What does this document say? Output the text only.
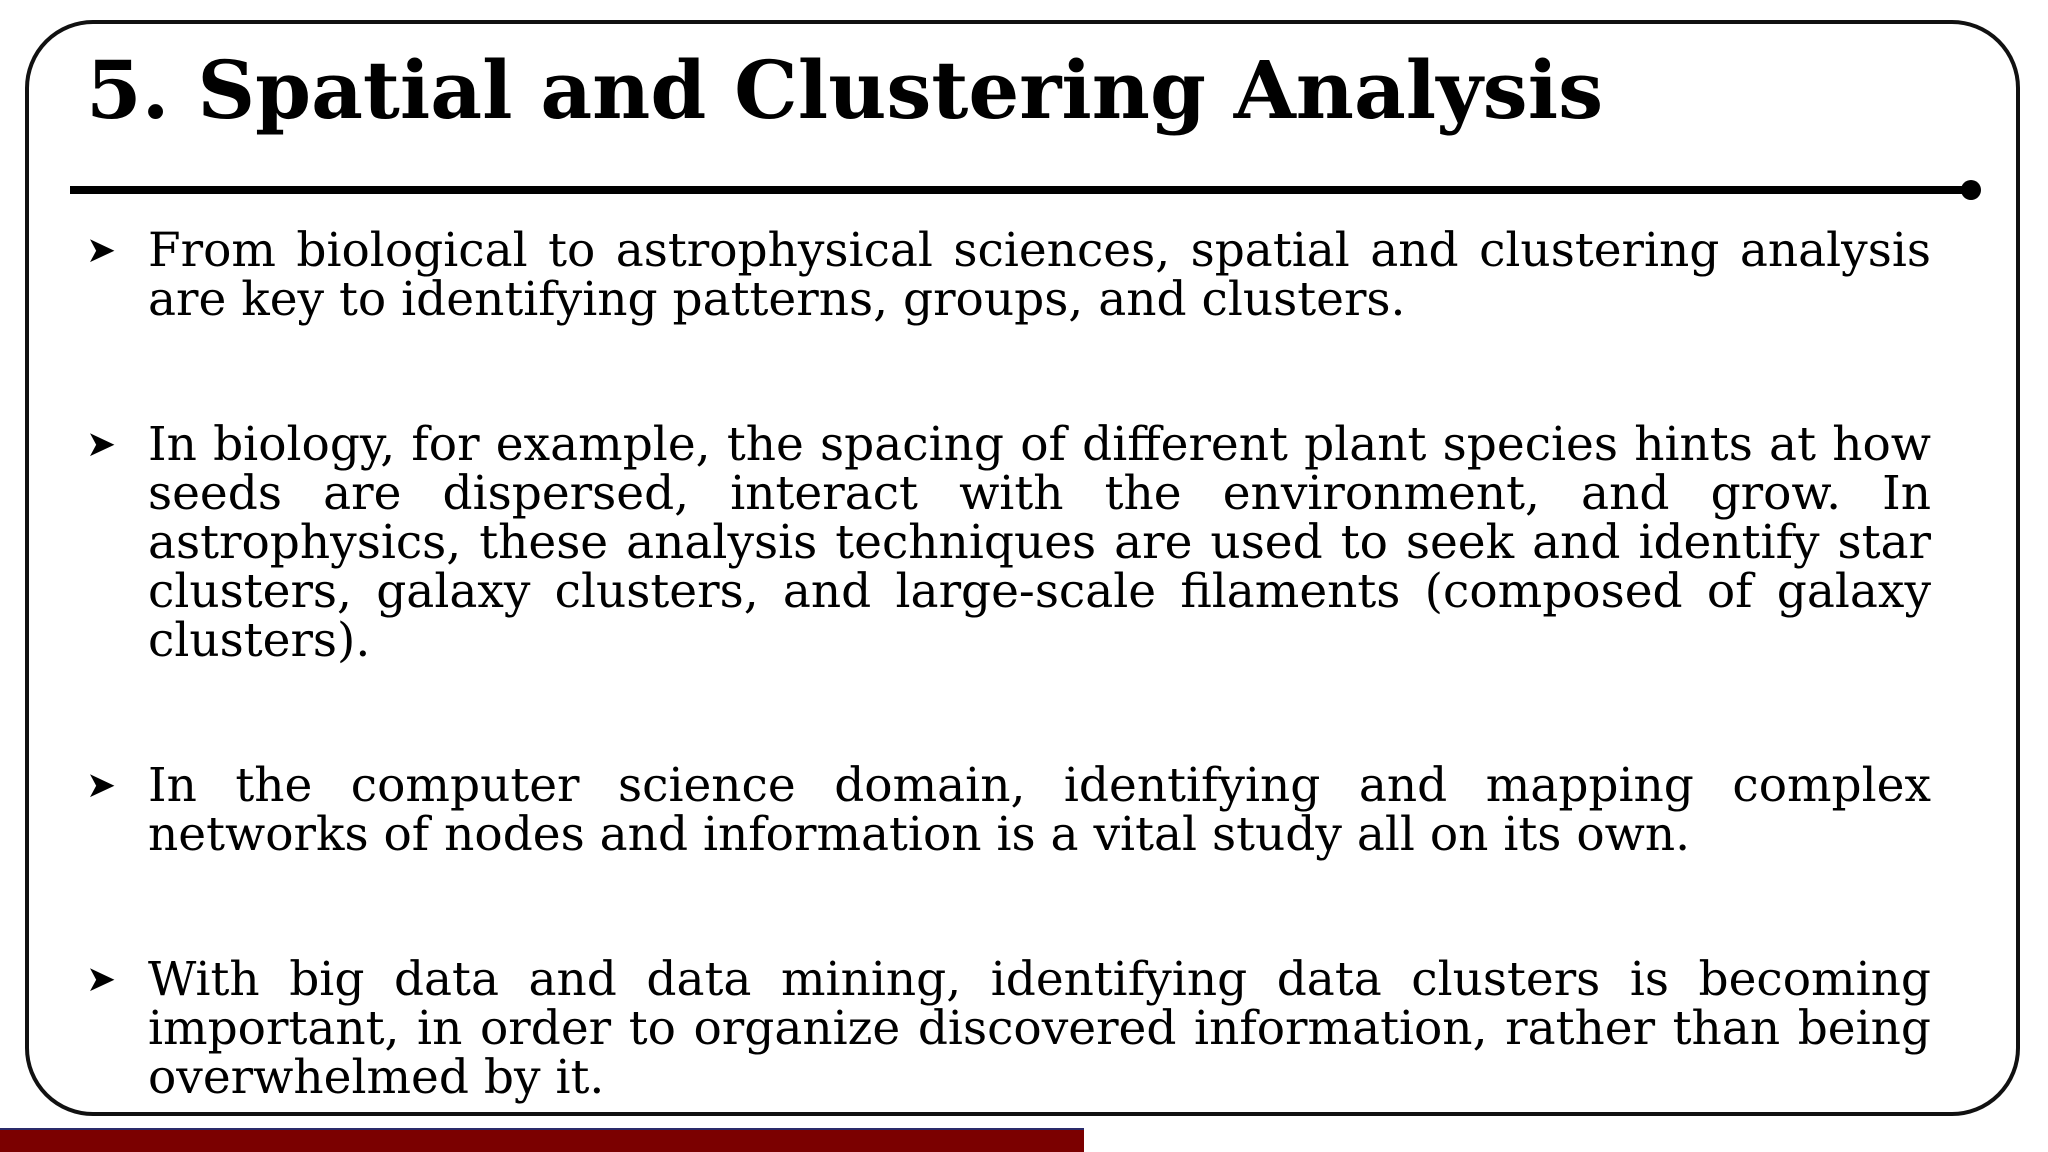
5. Spatial and Clustering Analysis
➤ From biological to astrophysical sciences, spatial and clustering analysis are key to identifying patterns, groups, and clusters.
➤ In biology, for example, the spacing of different plant species hints at how seeds are dispersed, interact with the environment, and grow. In astrophysics, these analysis techniques are used to seek and identify star clusters, galaxy clusters, and large-scale filaments (composed of galaxy clusters).
➤ In the computer science domain, identifying and mapping complex networks of nodes and information is a vital study all on its own.
➤ With big data and data mining, identifying data clusters is becoming important, in order to organize discovered information, rather than being overwhelmed by it.
